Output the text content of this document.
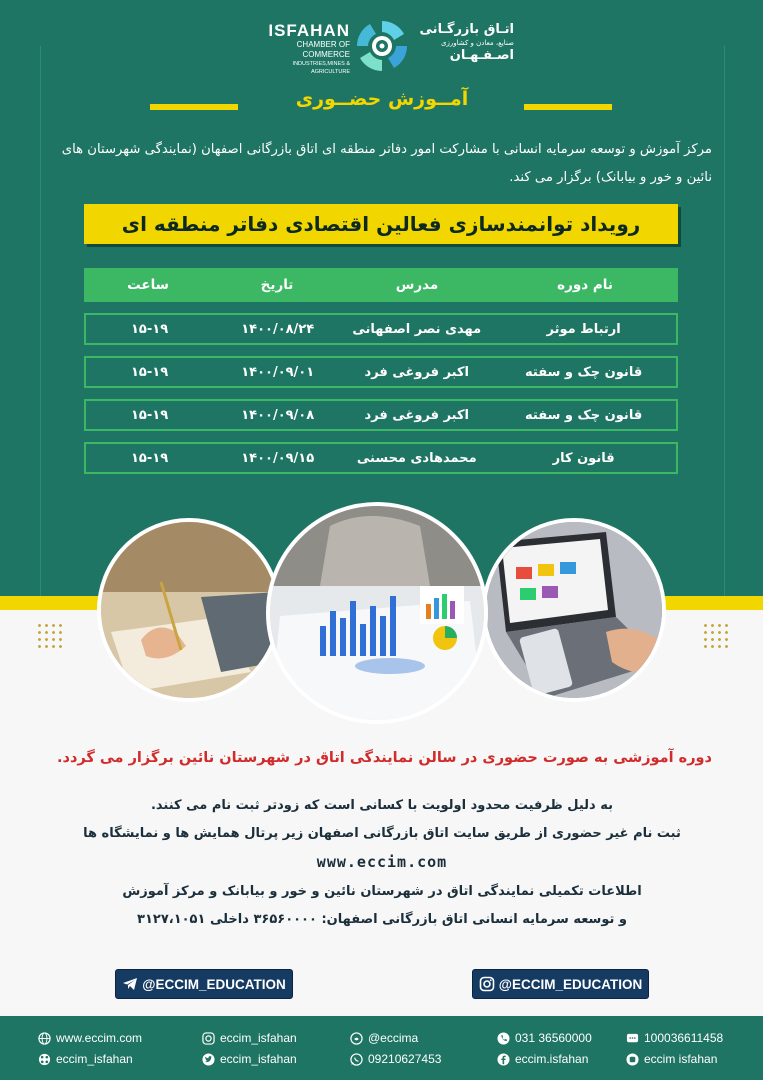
ISFAHAN
CHAMBER OF COMMERCE
INDUSTRIES,MINES & AGRICULTURE
اتـاق بازرگـانی
صنایع، معادن و کشاورزی
اصـفـهـان
آمــوزش حضــوری
مرکز آموزش و توسعه سرمایه انسانی با مشارکت امور دفاتر منطقه ای اتاق بازرگانی اصفهان (نمایندگی شهرستان های نائین و خور و بیابانک) برگزار می کند.
رویداد توانمندسازی فعالین اقتصادی دفاتر منطقه ای
نام دوره
مدرس
تاریخ
ساعت
ارتباط موثر
مهدی نصر اصفهانی
۱۴۰۰/۰۸/۲۴
۱۵-۱۹
قانون چک و سفته
اکبر فروغی فرد
۱۴۰۰/۰۹/۰۱
۱۵-۱۹
قانون چک و سفته
اکبر فروغی فرد
۱۴۰۰/۰۹/۰۸
۱۵-۱۹
قانون کار
محمدهادی محسنی
۱۴۰۰/۰۹/۱۵
۱۵-۱۹
دوره آموزشی به صورت حضوری در سالن نمایندگی اتاق در شهرستان نائین برگزار می گردد.
به دلیل ظرفیت محدود اولویت با کسانی است که زودتر ثبت نام می کنند.
ثبت نام غیر حضوری از طریق سایت اتاق بازرگانی اصفهان زیر پرتال همایش ها و نمایشگاه ها
www.eccim.com
اطلاعات تکمیلی نمایندگی اتاق در شهرستان نائین و خور و بیابانک و مرکز آموزش
و توسعه سرمایه انسانی اتاق بازرگانی اصفهان: ۳۶۵۶۰۰۰۰ داخلی ۳۱۲۷،۱۰۵۱
@ECCIM_EDUCATION	@ECCIM_EDUCATION
www.eccim.com
eccim_isfahan
eccim_isfahan
eccim_isfahan
@eccima
09210627453
031 36560000
eccim.isfahan
100036611458
eccim isfahan
